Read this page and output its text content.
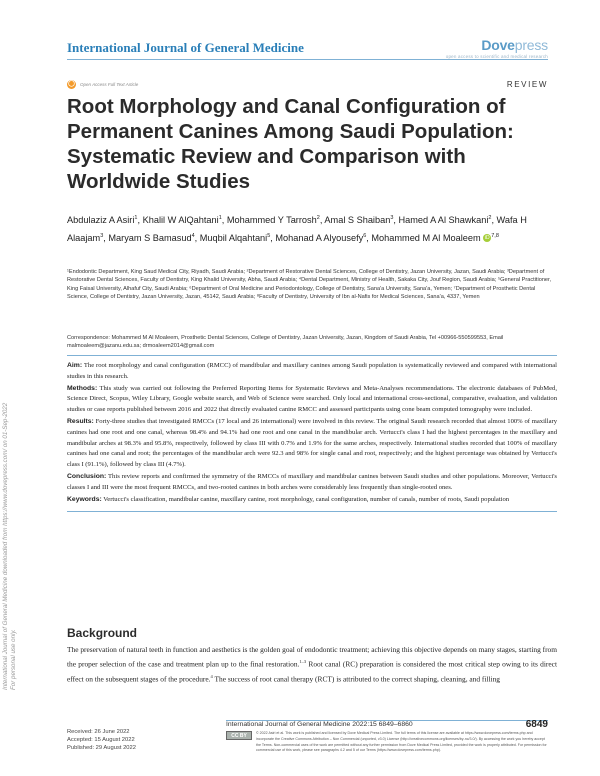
International Journal of General Medicine	Dovepress
open access to scientific and medical research
◯ Open Access Full Text Article	REVIEW
Root Morphology and Canal Configuration of Permanent Canines Among Saudi Population: Systematic Review and Comparison with Worldwide Studies
Abdulaziz A Asiri$^1$, Khalil W AlQahtani$^1$, Mohammed Y Tarrosh$^2$, Amal S Shaiban$^3$, Hamed A Al Shawkani$^2$, Wafa H Alaajam$^3$, Maryam S Bamasud$^4$, Muqbil Alqahtani$^5$, Mohanad A Alyousefy$^6$, Mohammed M Al Moaleem iD $^{7,8}$
¹Endodontic Department, King Saud Medical City, Riyadh, Saudi Arabia; ²Department of Restorative Dental Sciences, College of Dentistry, Jazan University, Jazan, Saudi Arabia; ³Department of Restorative Dental Sciences, Faculty of Dentistry, King Khalid University, Abha, Saudi Arabia; ⁴Dental Department, Ministry of Health, Sakaka City, Jouf Region, Saudi Arabia; ⁵General Practitioner, King Faisal University, Alhafuf City, Saudi Arabia; ⁶Department of Oral Medicine and Periodontology, College of Dentistry, Sana'a University, Sana'a, Yemen; ⁷Department of Prosthetic Dental Science, College of Dentistry, Jazan University, Jazan, 45142, Saudi Arabia; ⁸Faculty of Dentistry, University of Ibn al-Nafis for Medical Sciences, Sana'a, 4337, Yemen
Correspondence: Mohammed M Al Moaleem, Prosthetic Dental Sciences, College of Dentistry, Jazan University, Jazan, Kingdom of Saudi Arabia, Tel +00966-550599553, Email malmoaleem@jazanu.edu.sa; drmoaleem2014@gmail.com

Aim: The root morphology and canal configuration (RMCC) of mandibular and maxillary canines among Saudi population is systematically reviewed and compared with international studies in this research.

Methods: This study was carried out following the Preferred Reporting Items for Systematic Reviews and Meta-Analyses recommendations. The electronic databases of PubMed, Science Direct, Scopus, Wiley Library, Google website search, and Web of Science were searched. Only local and international cross-sectional, comparative, evaluation, and validation studies or case reports published between 2016 and 2022 that directly evaluated canine RMCC and assessed participants using cone beam computed tomography were included.

Results: Forty-three studies that investigated RMCCs (17 local and 26 international) were involved in this review. The original Saudi research recorded that almost 100% of maxillary canines had one root and one canal, whereas 98.4% and 94.1% had one root and one canal in the mandibular arch. Vertucci's class I had the highest percentages in the maxillary and mandibular arches at 98.3% and 95.8%, respectively, followed by class III with 0.7% and 1.9% for the same arches, respectively. International studies recorded that 100% of maxillary canines had one canal and root; the percentages of the mandibular arch were 92.3 and 98% for single canal and root, respectively; and the highest percentage was obtained by Vertucci's class I (91.1%), followed by class III (4.7%).

Conclusion: This review reports and confirmed the symmetry of the RMCCs of maxillary and mandibular canines between Saudi studies and other populations. Moreover, Vertucci's classes I and III were the most frequent RMCCs, and two-rooted canines in both arches were considerably less frequently than single-rooted ones.

Keywords: Vertucci's classification, mandibular canine, maxillary canine, root morphology, canal configuration, number of canals, number of roots, Saudi population

Background

The preservation of natural teeth in function and aesthetics is the golden goal of endodontic treatment; achieving this objective depends on many stages, starting from the proper selection of the case and treatment plan up to the final restoration.$^{1-3}$ Root canal (RC) preparation is considered the most critical step owing to its direct effect on the subsequent stages of the procedure.$^4$ The success of root canal therapy (RCT) is attributed to the correct shaping, cleaning, and filling

International Journal of General Medicine downloaded from https://www.dovepress.com/ on 01-Sep-2022 For personal use only.
Received: 26 June 2022
Accepted: 15 August 2022
Published: 29 August 2022
International Journal of General Medicine 2022:15 6849–6860	6849
CC BY NC
© 2022 Asiri et al. This work is published and licensed by Dove Medical Press Limited. The full terms of this license are available at https://www.dovepress.com/terms.php and incorporate the Creative Commons Attribution – Non Commercial (unported, v3.0) License (http://creativecommons.org/licenses/by-nc/3.0/). By accessing the work you hereby accept the Terms. Non-commercial uses of the work are permitted without any further permission from Dove Medical Press Limited, provided the work is properly attributed. For permission for commercial use of this work, please see paragraphs 4.2 and 5 of our Terms (https://www.dovepress.com/terms.php).
